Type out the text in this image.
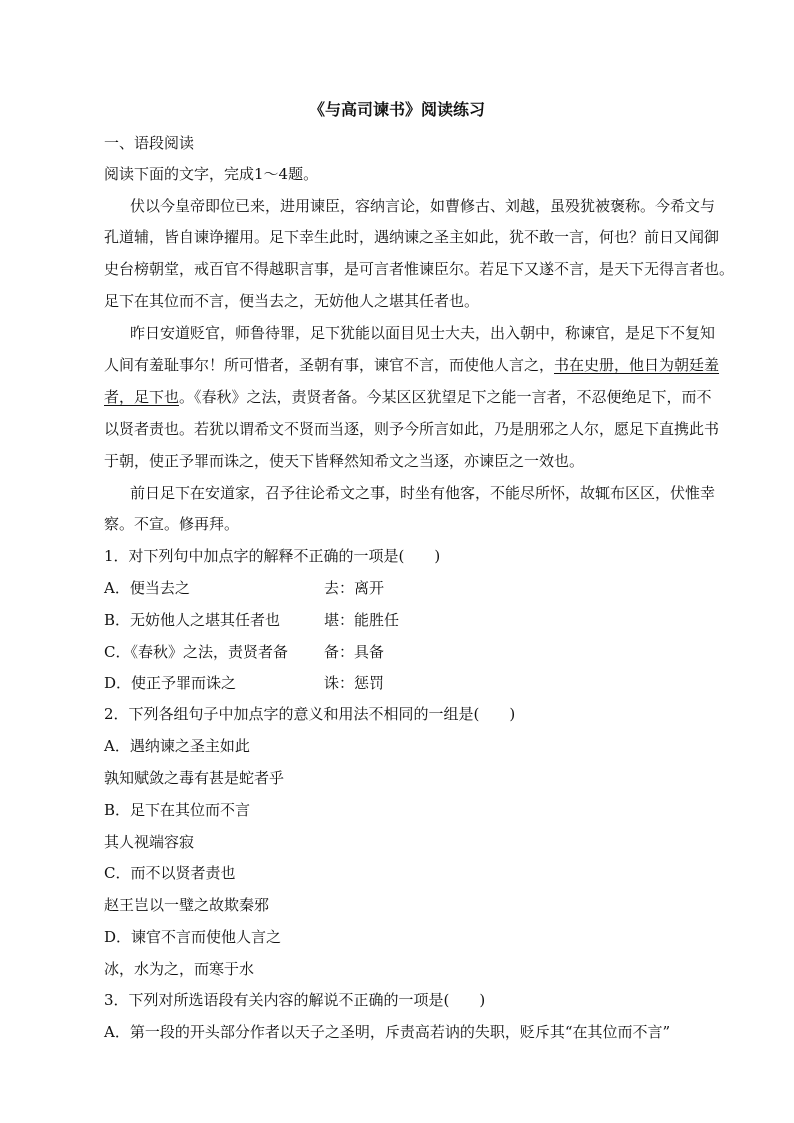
《与高司谏书》阅读练习
一、语段阅读
阅读下面的文字，完成1～4题。
伏以今皇帝即位已来，进用谏臣，容纳言论，如曹修古、刘越，虽殁犹被褒称。今希文与
孔道辅，皆自谏诤擢用。足下幸生此时，遇纳谏之圣主如此，犹不敢一言，何也？前日又闻御
史台榜朝堂，戒百官不得越职言事，是可言者惟谏臣尔。若足下又遂不言，是天下无得言者也。
足下在其位而不言，便当去之，无妨他人之堪其任者也。
昨日安道贬官，师鲁待罪，足下犹能以面目见士大夫，出入朝中，称谏官，是足下不复知
人间有羞耻事尔！所可惜者，圣朝有事，谏官不言，而使他人言之，书在史册，他日为朝廷羞
者，足下也。《春秋》之法，责贤者备。今某区区犹望足下之能一言者，不忍便绝足下，而不
以贤者责也。若犹以谓希文不贤而当逐，则予今所言如此，乃是朋邪之人尔，愿足下直携此书
于朝，使正予罪而诛之，使天下皆释然知希文之当逐，亦谏臣之一效也。
前日足下在安道家，召予往论希文之事，时坐有他客，不能尽所怀，故辄布区区，伏惟幸
察。不宣。修再拜。
1．对下列句中加点字的解释不正确的一项是(　　)
A．便当去之	去：离开
B．无妨他人之堪其任者也	堪：能胜任
C．《春秋》之法，责贤者备 备：具备
D．使正予罪而诛之	诛：惩罚
2．下列各组句子中加点字的意义和用法不相同的一组是(　　)
A．遇纳谏之圣主如此
孰知赋敛之毒有甚是蛇者乎
B．足下在其位而不言
其人视端容寂
C．而不以贤者责也
赵王岂以一璧之故欺秦邪
D．谏官不言而使他人言之
冰，水为之，而寒于水
3．下列对所选语段有关内容的解说不正确的一项是(　　)
A．第一段的开头部分作者以天子之圣明，斥责高若讷的失职，贬斥其“在其位而不言”
